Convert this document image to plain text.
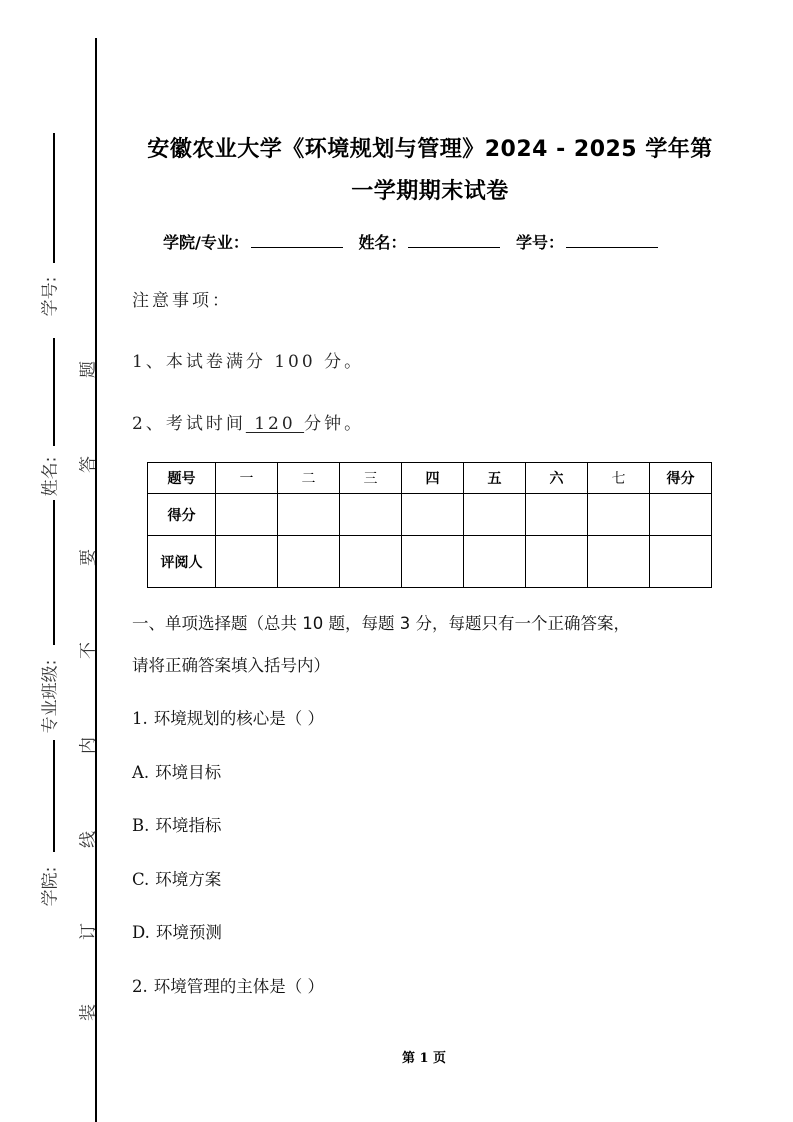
学号:
姓名:
专业班级:
学院:
题
答
要
不
内
线
订
装
安徽农业大学《环境规划与管理》2024 - 2025 学年第
一学期期末试卷
学院/专业：	姓名：	学号：
注意事项：
1、本试卷满分 100 分。
2、考试时间 120 分钟。
题号	一	二	三	四	五	六	七	得分
得分								
评阅人								
一、单项选择题（总共 10 题，每题 3 分，每题只有一个正确答案，
请将正确答案填入括号内）
1. 环境规划的核心是（ ）
A. 环境目标
B. 环境指标
C. 环境方案
D. 环境预测
2. 环境管理的主体是（ ）
第 1 页
